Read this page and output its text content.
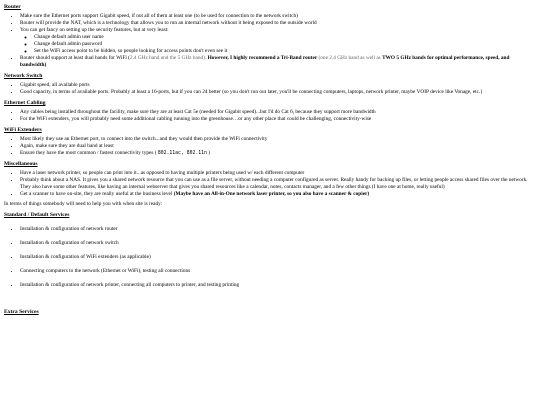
Router
• Make sure the Ethernet ports support Gigabit speed, if not all of them at least one (to be used for connection to the network switch)
• Router will provide the NAT, which is a technology that allows you to run an internal network without it being exposed to the outside world
• You can get fancy on setting up the security features, but at very least:
◦ Change default admin user name
◦ Change default admin password
◦ Set the WiFi access point to be hidden, so people looking for access points don't even see it
• Router should support at least dual bands for WiFi (2.4 GHz band and the 5 GHz band). However, I highly recommend a Tri-Band router (one 2.4 GHz band as well as TWO 5 GHz bands for optimal performance, speed, and bandwidth)
Network Switch
• Gigabit speed, all available ports
• Good capacity, in terms of available ports. Probably at least a 16-ports, but if you can 24 better (so you don't run out later, you'll be connecting computers, laptops, network printer, maybe VOIP device like Vonage, etc.)
Ethernet Cabling
• Any cables being installed throughout the facility, make sure they are at least Cat 5e (needed for Gigabit speed)...but I'd do Cat 6, because they support more bandwidth
• For the WiFi extenders, you will probably need some additional cabling running into the greenhouse…or any other place that could be challenging, connectivity-wise
WiFi Extenders
• Most likely they use an Ethernet port, to connect into the switch...and they would then provide the WiFi connectivity
• Again, make sure they are dual band at least
• Ensure they have the most common / fastest connectivity types ( 802.11ac, 802.11n )
Miscellaneous
• Have a laser network printer, so people can print into it...as opposed to having multiple printers being used w/ each different computer
• Probably think about a NAS. It gives you a shared network resource that you can use as a file server, without needing a computer configured as server. Really handy for backing up files, or letting people access shared files over the network. They also have some other features, like having an internal webserver that gives you shared resources like a calendar, notes, contacts manager, and a few other things (I have one at home, really useful)
• Get a scanner to have on-site, they are really useful at the business level (Maybe have an All-in-One network laser printer, so you also have a scanner & copier)

In terms of things somebody will need to help you with when site is ready:

Standard / Default Services
• Installation & configuration of network router
• Installation & configuration of network switch
• Installation & configuration of WiFi extenders (as applicable)
• Connecting computers to the network (Ethernet or WiFi), testing all connections
• Installation & configuration of network printer, connecting all computers to printer, and testing printing
Extra Services
